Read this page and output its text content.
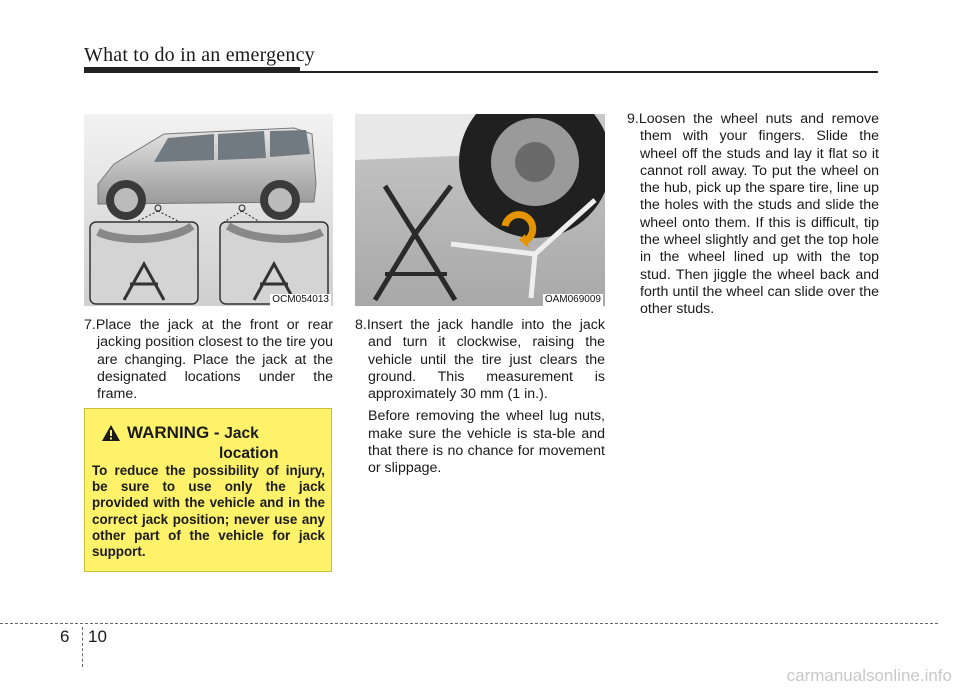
What to do in an emergency
OCM054013	OAM069009

7.Place the jack at the front or rear jacking position closest to the tire you are changing. Place the jack at the designated locations under the frame.

8.Insert the jack handle into the jack and turn it clockwise, raising the vehicle until the tire just clears the ground. This measurement is approximately 30 mm (1 in.).

Before removing the wheel lug nuts, make sure the vehicle is sta-ble and that there is no chance for movement or slippage.

9.Loosen the wheel nuts and remove them with your fingers. Slide the wheel off the studs and lay it flat so it cannot roll away. To put the wheel on the hub, pick up the spare tire, line up the holes with the studs and slide the wheel onto them. If this is difficult, tip the wheel slightly and get the top hole in the wheel lined up with the top stud. Then jiggle the wheel back and forth until the wheel can slide over the other studs.

WARNING - Jack
location
To reduce the possibility of injury, be sure to use only the jack provided with the vehicle and in the correct jack position; never use any other part of the vehicle for jack support.
6 10
carmanualsonline.info
